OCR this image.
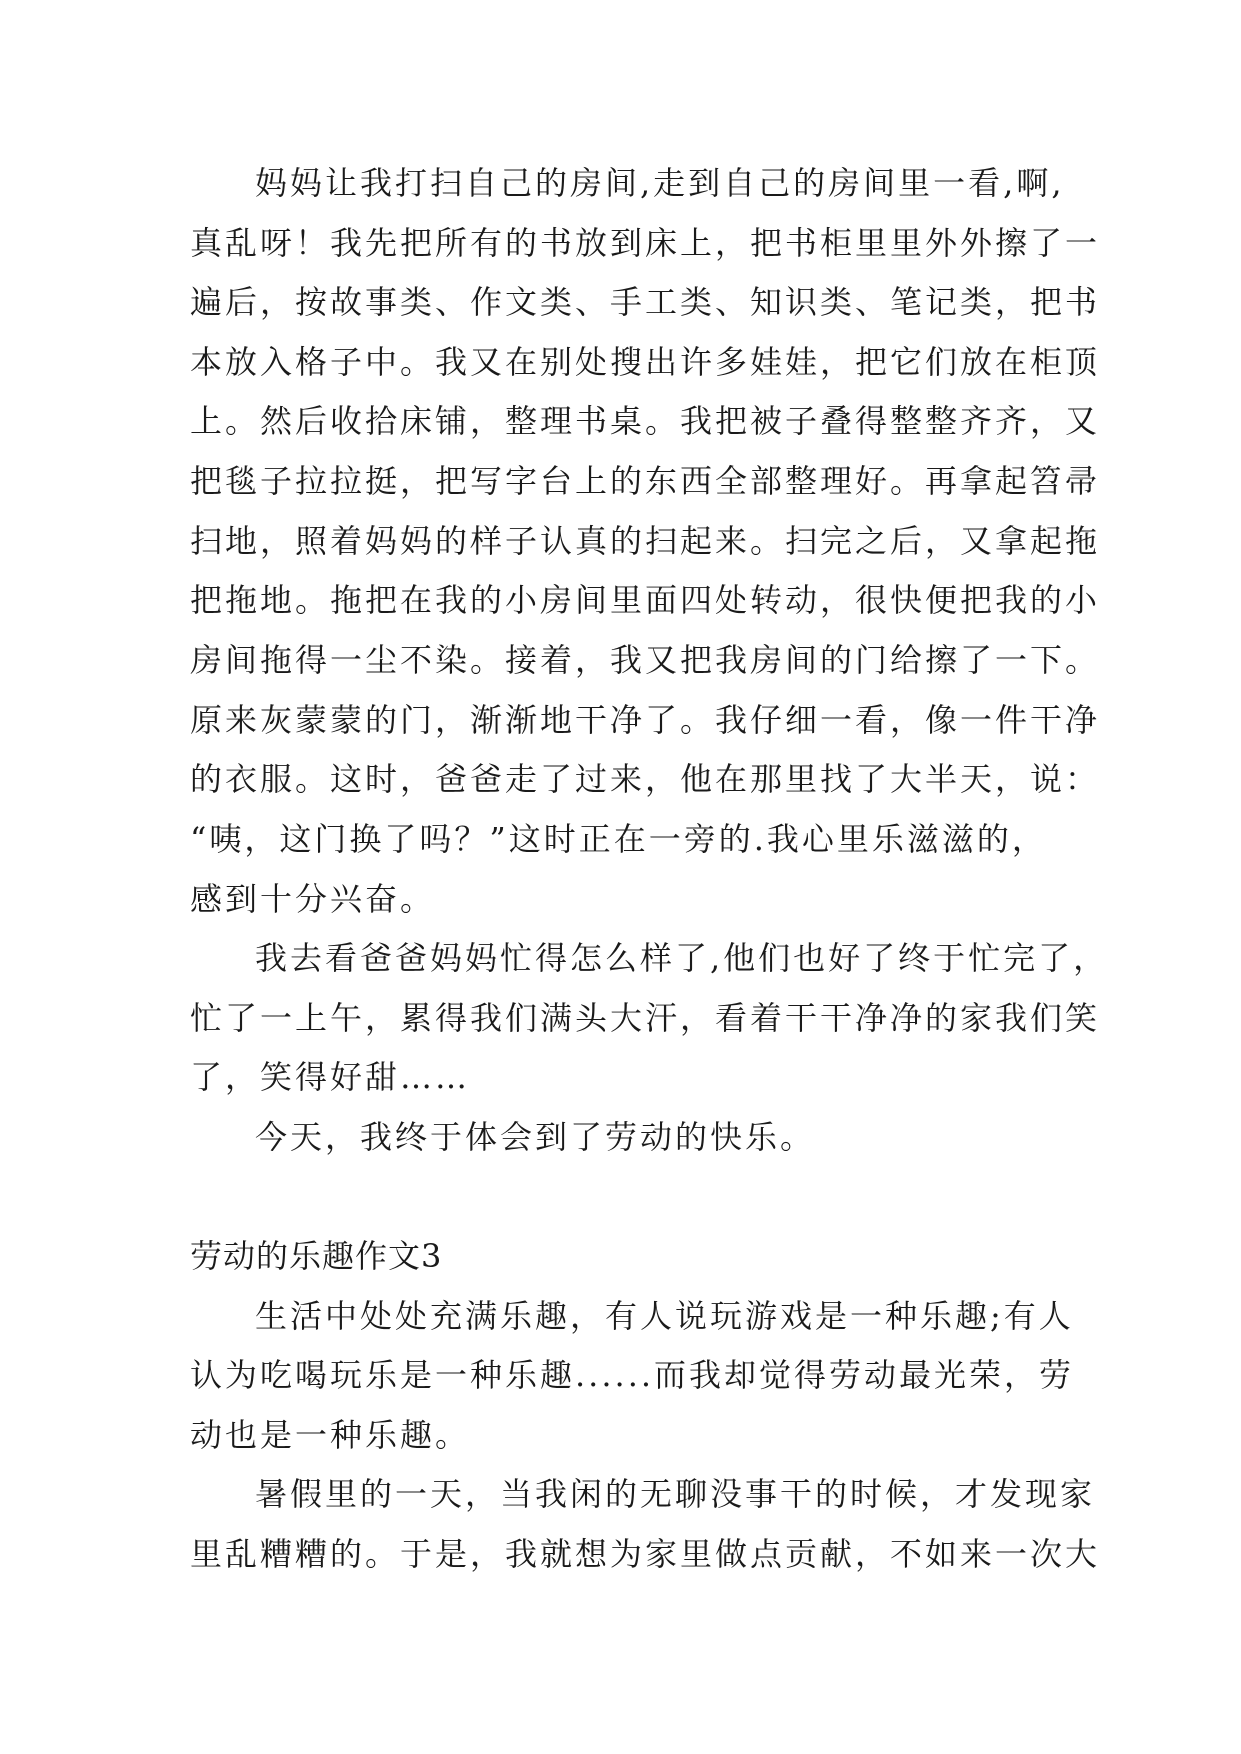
妈妈让我打扫自己的房间,走到自己的房间里一看,啊,

真乱呀！我先把所有的书放到床上，把书柜里里外外擦了一

遍后，按故事类、作文类、手工类、知识类、笔记类，把书

本放入格子中。我又在别处搜出许多娃娃，把它们放在柜顶

上。然后收拾床铺，整理书桌。我把被子叠得整整齐齐，又

把毯子拉拉挺，把写字台上的东西全部整理好。再拿起笤帚

扫地，照着妈妈的样子认真的扫起来。扫完之后，又拿起拖

把拖地。拖把在我的小房间里面四处转动，很快便把我的小

房间拖得一尘不染。接着，我又把我房间的门给擦了一下。

原来灰蒙蒙的门，渐渐地干净了。我仔细一看，像一件干净

的衣服。这时，爸爸走了过来，他在那里找了大半天，说：

“咦，这门换了吗？”这时正在一旁的.我心里乐滋滋的，

感到十分兴奋。

我去看爸爸妈妈忙得怎么样了,他们也好了终于忙完了，

忙了一上午，累得我们满头大汗，看着干干净净的家我们笑

了，笑得好甜……

今天，我终于体会到了劳动的快乐。

劳动的乐趣作文3

生活中处处充满乐趣，有人说玩游戏是一种乐趣;有人

认为吃喝玩乐是一种乐趣......而我却觉得劳动最光荣，劳

动也是一种乐趣。

暑假里的一天，当我闲的无聊没事干的时候，才发现家

里乱糟糟的。于是，我就想为家里做点贡献，不如来一次大
